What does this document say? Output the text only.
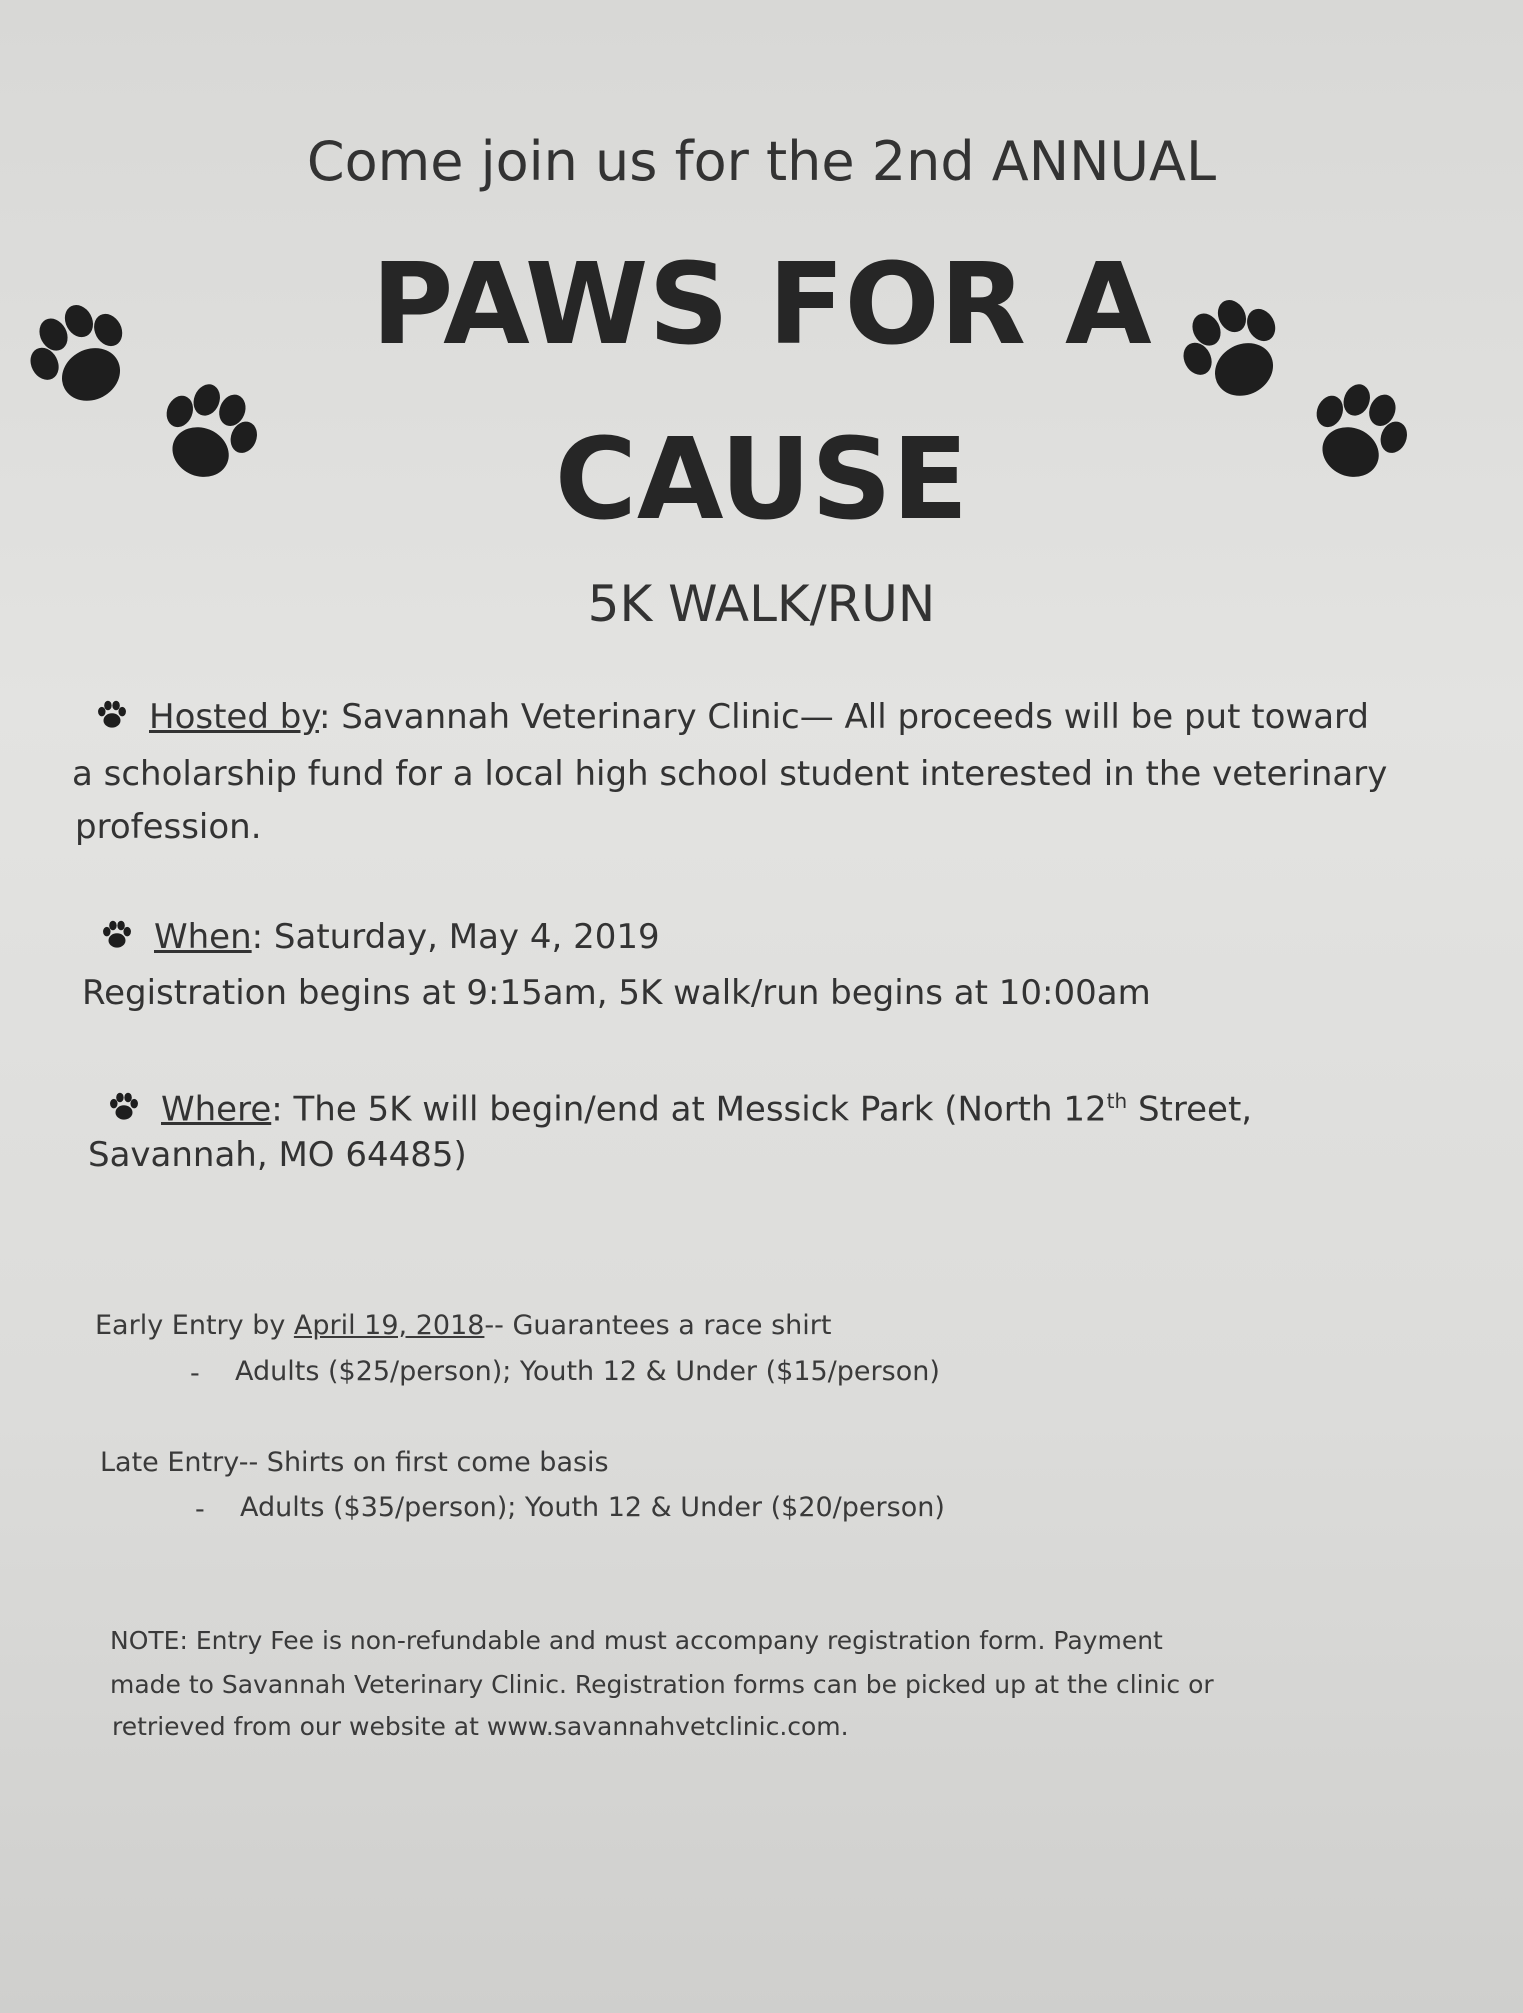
Come join us for the 2nd ANNUAL

PAWS FOR A

CAUSE

5K WALK/RUN

Hosted by: Savannah Veterinary Clinic— All proceeds will be put toward
a scholarship fund for a local high school student interested in the veterinary
profession.
When: Saturday, May 4, 2019
Registration begins at 9:15am, 5K walk/run begins at 10:00am
Where: The 5K will begin/end at Messick Park (North 12th Street,
Savannah, MO 64485)
Early Entry by April 19, 2018-- Guarantees a race shirt
- Adults ($25/person); Youth 12 & Under ($15/person)
Late Entry-- Shirts on first come basis
- Adults ($35/person); Youth 12 & Under ($20/person)
NOTE: Entry Fee is non-refundable and must accompany registration form. Payment
made to Savannah Veterinary Clinic. Registration forms can be picked up at the clinic or
retrieved from our website at www.savannahvetclinic.com.
